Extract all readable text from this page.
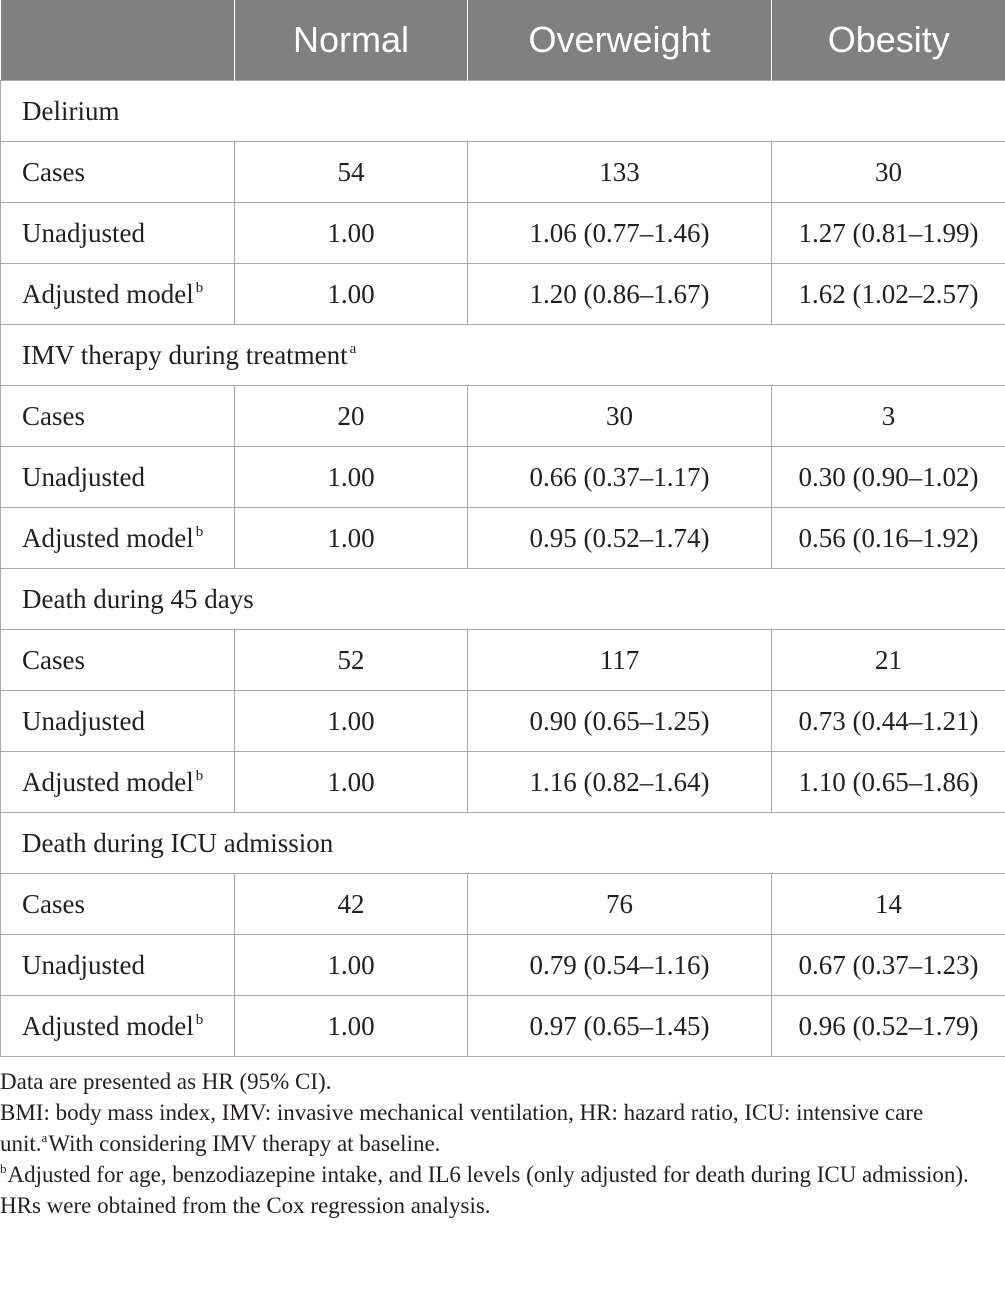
	Normal	Overweight	Obesity
Delirium			
Cases	54	133	30
Unadjusted	1.00	1.06 (0.77–1.46)	1.27 (0.81–1.99)
Adjusted model $^b$	1.00	1.20 (0.86–1.67)	1.62 (1.02–2.57)
IMV therapy during treatment $^a$
Cases	20	30	3
Unadjusted	1.00	0.66 (0.37–1.17)	0.30 (0.90–1.02)
Adjusted model $^b$	1.00	0.95 (0.52–1.74)	0.56 (0.16–1.92)
Death during 45 days			
Cases	52	117	21
Unadjusted	1.00	0.90 (0.65–1.25)	0.73 (0.44–1.21)
Adjusted model $^b$	1.00	1.16 (0.82–1.64)	1.10 (0.65–1.86)
Death during ICU admission			
Cases	42	76	14
Unadjusted	1.00	0.79 (0.54–1.16)	0.67 (0.37–1.23)
Adjusted model $^b$	1.00	0.97 (0.65–1.45)	0.96 (0.52–1.79)

Data are presented as HR (95% CI).

BMI: body mass index, IMV: invasive mechanical ventilation, HR: hazard ratio, ICU: intensive care unit.$^a$With considering IMV therapy at baseline.

$^b$Adjusted for age, benzodiazepine intake, and IL6 levels (only adjusted for death during ICU admission).

HRs were obtained from the Cox regression analysis.
